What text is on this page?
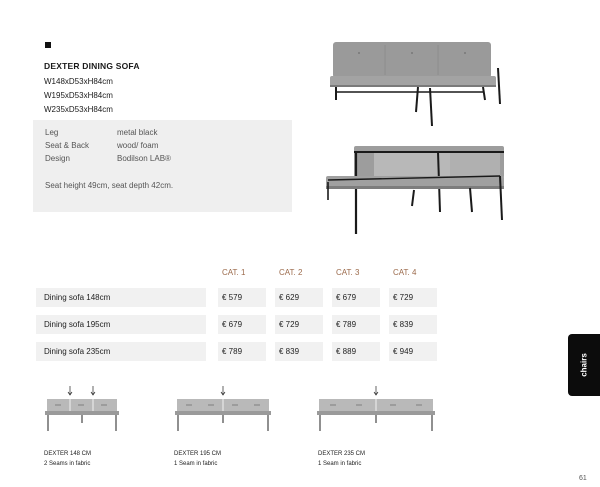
DEXTER DINING SOFA
W148xD53xH84cm
W195xD53xH84cm
W235xD53xH84cm
Leg	metal black
Seat & Back	wood/ foam
Design	Bodilson LAB®
Seat height 49cm, seat depth 42cm.
CAT. 1	CAT. 2	CAT. 3	CAT. 4
Dining sofa 148cm	€ 579	€ 629	€ 679	€ 729
Dining sofa 195cm	€ 679	€ 729	€ 789	€ 839
Dining sofa 235cm	€ 789	€ 839	€ 889	€ 949
chairs
DEXTER 148 CM
2 Seams in fabric
DEXTER 195 CM
1 Seam in fabric
DEXTER 235 CM
1 Seam in fabric
61
